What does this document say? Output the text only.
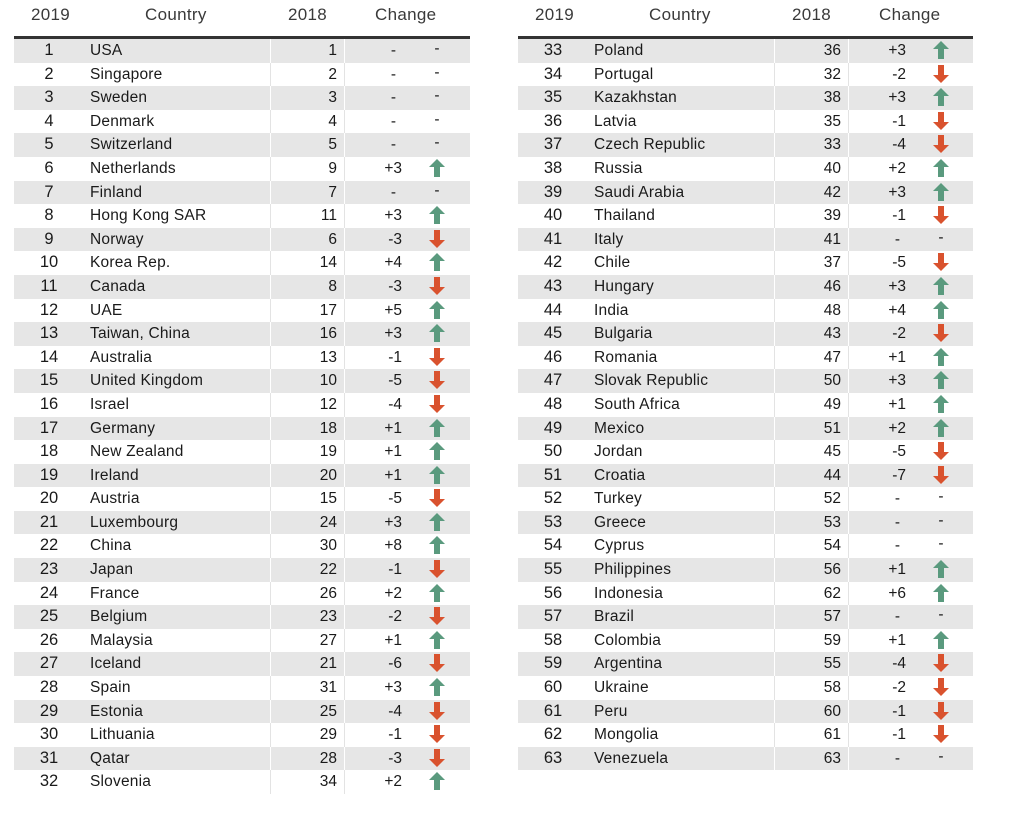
2019	Country	2018	Change
1	USA	1	-	-
2	Singapore	2	-	-
3	Sweden	3	-	-
4	Denmark	4	-	-
5	Switzerland	5	-	-
6	Netherlands	9	+3
7	Finland	7	-	-
8	Hong Kong SAR	11	+3
9	Norway	6	-3
10	Korea Rep.	14	+4
11	Canada	8	-3
12	UAE	17	+5
13	Taiwan, China	16	+3
14	Australia	13	-1
15	United Kingdom	10	-5
16	Israel	12	-4
17	Germany	18	+1
18	New Zealand	19	+1
19	Ireland	20	+1
20	Austria	15	-5
21	Luxembourg	24	+3
22	China	30	+8
23	Japan	22	-1
24	France	26	+2
25	Belgium	23	-2
26	Malaysia	27	+1
27	Iceland	21	-6
28	Spain	31	+3
29	Estonia	25	-4
30	Lithuania	29	-1
31	Qatar	28	-3
32	Slovenia	34	+2
2019	Country	2018	Change
33	Poland	36	+3
34	Portugal	32	-2
35	Kazakhstan	38	+3
36	Latvia	35	-1
37	Czech Republic	33	-4
38	Russia	40	+2
39	Saudi Arabia	42	+3
40	Thailand	39	-1
41	Italy	41	-	-
42	Chile	37	-5
43	Hungary	46	+3
44	India	48	+4
45	Bulgaria	43	-2
46	Romania	47	+1
47	Slovak Republic	50	+3
48	South Africa	49	+1
49	Mexico	51	+2
50	Jordan	45	-5
51	Croatia	44	-7
52	Turkey	52	-	-
53	Greece	53	-	-
54	Cyprus	54	-	-
55	Philippines	56	+1
56	Indonesia	62	+6
57	Brazil	57	-	-
58	Colombia	59	+1
59	Argentina	55	-4
60	Ukraine	58	-2
61	Peru	60	-1
62	Mongolia	61	-1
63	Venezuela	63	-	-
